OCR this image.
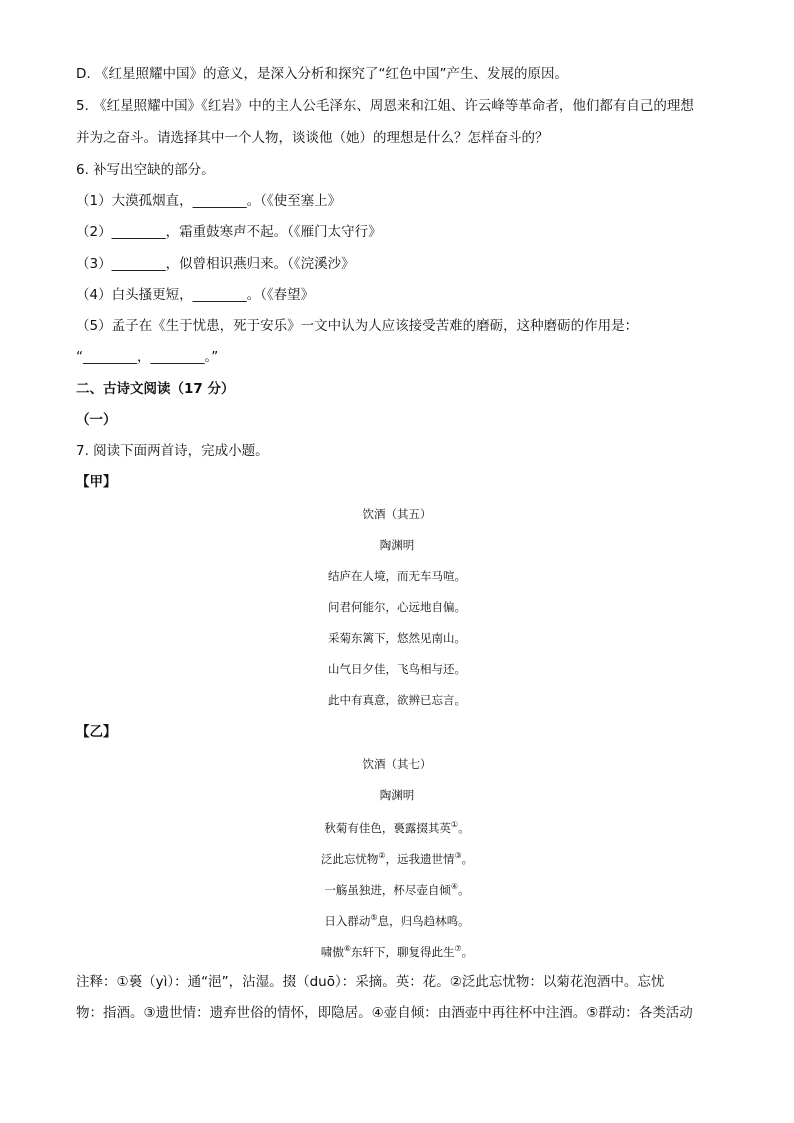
D. 《红星照耀中国》的意义，是深入分析和探究了“红色中国”产生、发展的原因。
5. 《红星照耀中国》《红岩》中的主人公毛泽东、周恩来和江姐、许云峰等革命者，他们都有自己的理想
并为之奋斗。请选择其中一个人物，谈谈他（她）的理想是什么？怎样奋斗的？
6. 补写出空缺的部分。
（1）大漠孤烟直，________。（《使至塞上》
（2）________，霜重鼓寒声不起。（《雁门太守行》
（3）________，似曾相识燕归来。（《浣溪沙》
（4）白头搔更短，________。（《春望》
（5）孟子在《生于忧患，死于安乐》一文中认为人应该接受苦难的磨砺，这种磨砺的作用是：
“________，________。”
二、古诗文阅读（17 分）
（一）
7. 阅读下面两首诗，完成小题。
【甲】
饮酒（其五）
陶渊明
结庐在人境，而无车马喧。
问君何能尔，心远地自偏。
采菊东篱下，悠然见南山。
山气日夕佳，飞鸟相与还。
此中有真意，欲辨已忘言。
【乙】
饮酒（其七）
陶渊明
秋菊有佳色，裛露掇其英①。
泛此忘忧物②，远我遗世情③。
一觞虽独进，杯尽壶自倾④。
日入群动⑤息，归鸟趋林鸣。
啸傲⑥东轩下，聊复得此生⑦。
注释：①裛（yì）：通“浥”，沾湿。掇（duō）：采摘。英：花。②泛此忘忧物：以菊花泡酒中。忘忧
物：指酒。③遗世情：遗弃世俗的情怀，即隐居。④壶自倾：由酒壶中再往杯中注酒。⑤群动：各类活动
